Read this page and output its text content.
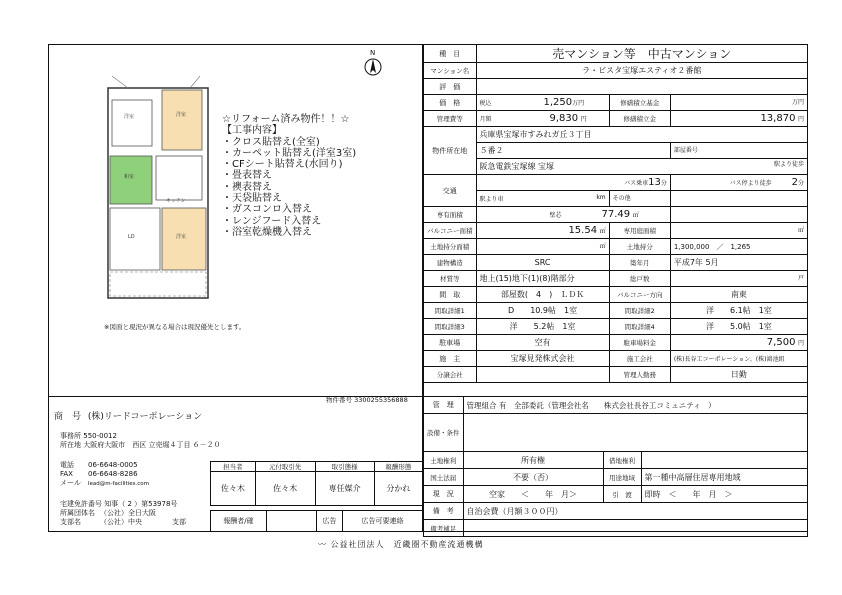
N
洋室	洋室
和室
キッチン
LD	洋室
☆リフォーム済み物件！！☆
【工事内容】
・クロス貼替え(全室)
・カーペット貼替え(洋室3室)
・CFシート貼替え(水回り)
・畳表替え
・襖表替え
・天袋貼替え
・ガスコンロ入替え
・レンジフード入替え
・浴室乾燥機入替え
※図面と現況が異なる場合は現況優先とします。
種　目	売マンション等　中古マンション		
マンション名	ラ・ビスタ宝塚エスティオ２番館		
評　価			
価　格	税込 1,250万円	修繕積立基金	万円
管理費等	月額 9,830 円	修繕積立金	13,870 円
物件所在地	兵庫県宝塚市すみれガ丘３丁目		
	５番２		部屋番号
	阪急電鉄宝塚線 宝塚 駅より徒歩		

交通	バス乗車13分		バス停より徒歩 2分
	駅より車 km	その他	
専有面積	壁芯 77.49 ㎡		
バルコニー面積	15.54 ㎡	専用庭面積	㎡
土地持分面積	㎡	土地持分	1,300,000　／　1,265
建物構造	SRC	築年月	平成7年 5月
材質等	地上(15)地下(1)(8)階部分	総戸数	戸
間　取	部屋数(　4　)　ＬＤＫ	バルコニー方向	南東
間取詳細1	D　　10.9帖　1室	間取詳細2	洋　　6.1帖　1室
間取詳細3	洋　　5.2帖　1室	間取詳細4	洋　　5.0帖　1室
駐車場	空有	駐車場料金	7,500 円
施　主	宝塚見発株式会社	施工会社	(株)長谷工コーポレーション、(株)鴻池組
分譲会社		管理人勤務	日勤
管　理	管理組合 有　全部委託（管理会社名　　株式会社長谷工コミュニティ　）		
設備・条件			
土地権利	所有権	借地権利	
国土法届	不要（否）	用途地域	第一種中高層住居専用地域
現　況	空家　　＜　　年　月＞	引　渡	即時　＜　　年　月　＞
備　考	自治会費（月額３００円）		
備考補足			
物件番号 3300255356888
商　号 (株)リードコーポレーション
事務所 550-0012
所在地 大阪府大阪市　西区 立売堀４丁目 ６－２０
電話 06-6648-0005
FAX 06-6648-8286
メール lead@m-facilities.com
宅建免許番号 知事（ 2 ）第53978号
所属団体名 （公社）全日大阪
支部名	（公社）中央	支部
担当者	元付取引先	取引態様	報酬形態
佐々木	佐々木	専任媒介	分かれ
報酬者/確		広告	広告可要連絡
〰 公益社団法人　近畿圏不動産流通機構
